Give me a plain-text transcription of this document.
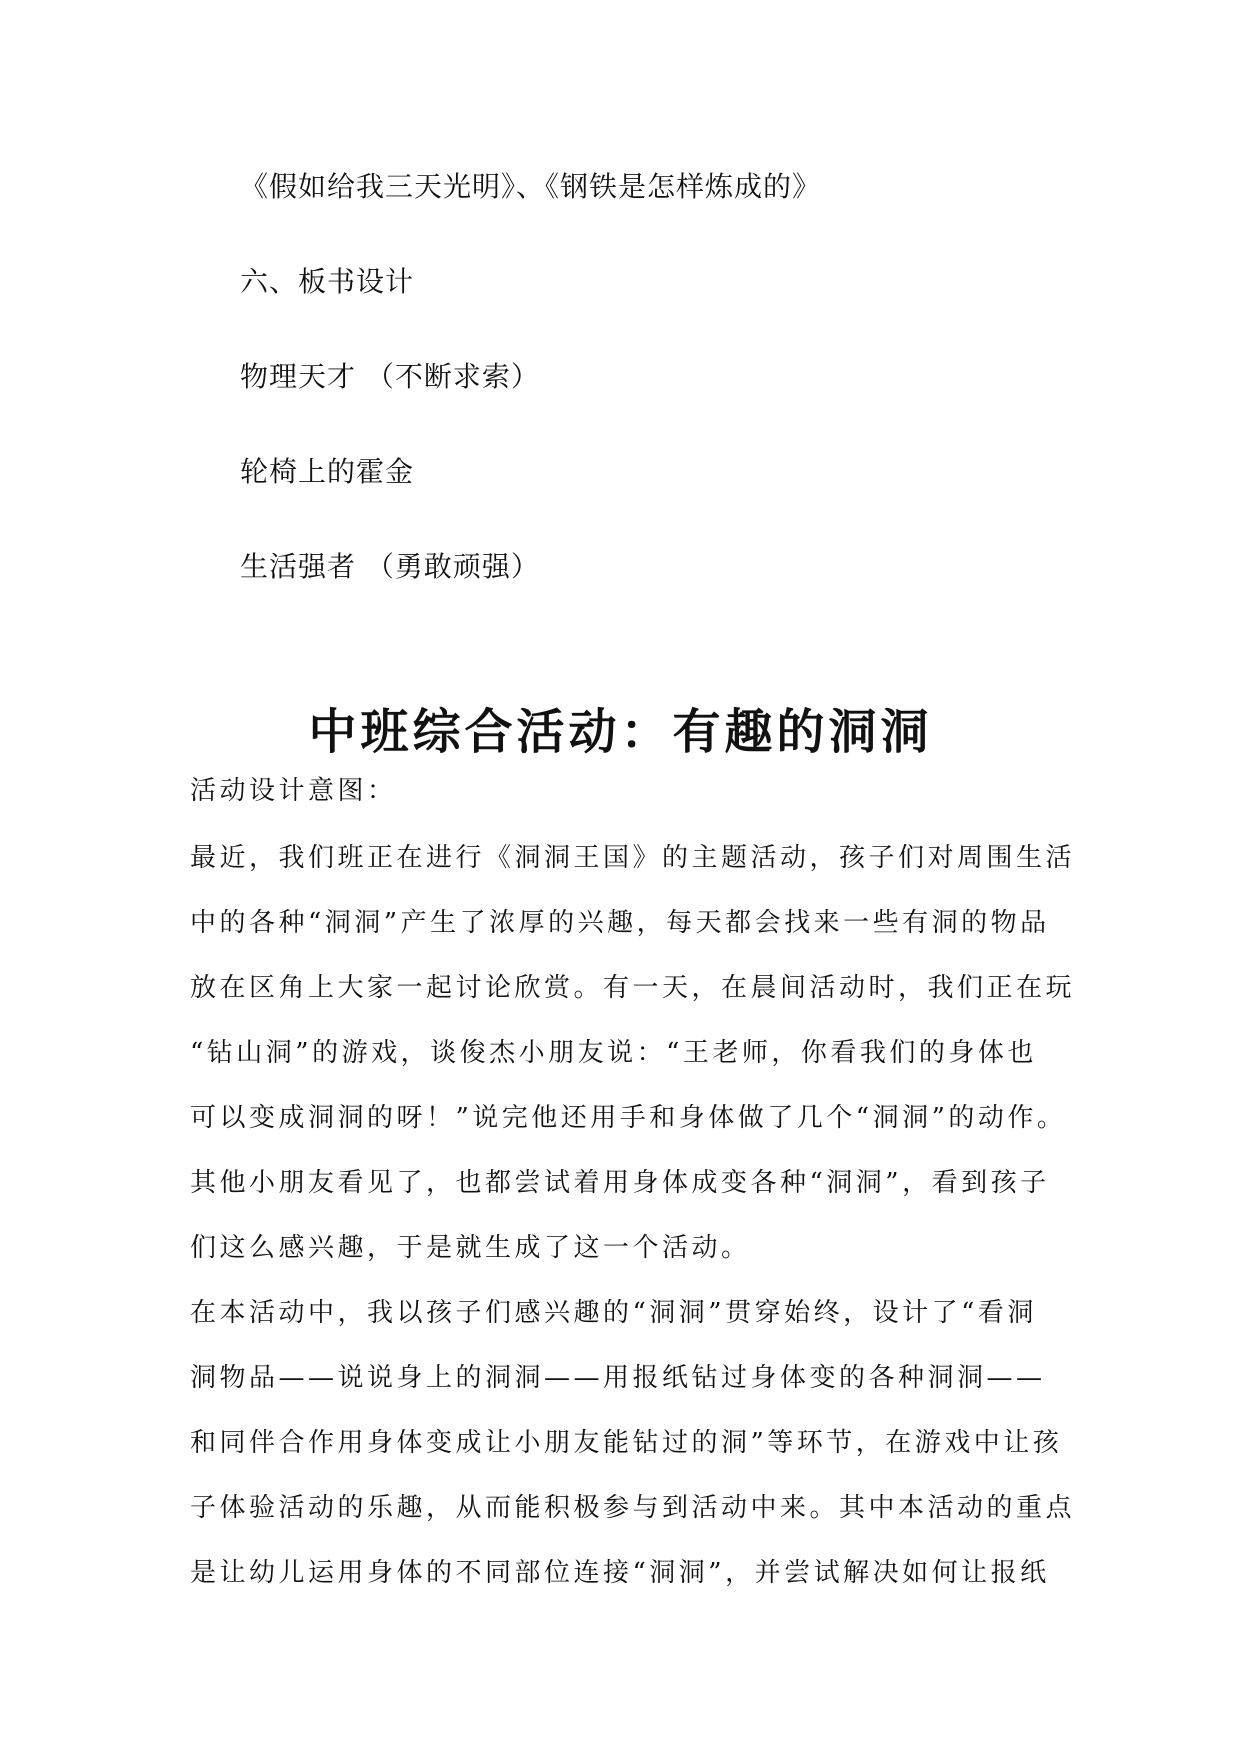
《假如给我三天光明》、《钢铁是怎样炼成的》

六、板书设计

物理天才 （不断求索）

轮椅上的霍金

生活强者 （勇敢顽强）

中班综合活动：有趣的洞洞

活动设计意图：

最近，我们班正在进行《洞洞王国》的主题活动，孩子们对周围生活

中的各种“洞洞”产生了浓厚的兴趣，每天都会找来一些有洞的物品

放在区角上大家一起讨论欣赏。有一天，在晨间活动时，我们正在玩

“钻山洞”的游戏，谈俊杰小朋友说：“王老师，你看我们的身体也

可以变成洞洞的呀！”说完他还用手和身体做了几个“洞洞”的动作。

其他小朋友看见了，也都尝试着用身体成变各种“洞洞”，看到孩子

们这么感兴趣，于是就生成了这一个活动。

在本活动中，我以孩子们感兴趣的“洞洞”贯穿始终，设计了“看洞

洞物品——说说身上的洞洞——用报纸钻过身体变的各种洞洞——

和同伴合作用身体变成让小朋友能钻过的洞”等环节，在游戏中让孩

子体验活动的乐趣，从而能积极参与到活动中来。其中本活动的重点

是让幼儿运用身体的不同部位连接“洞洞”，并尝试解决如何让报纸
